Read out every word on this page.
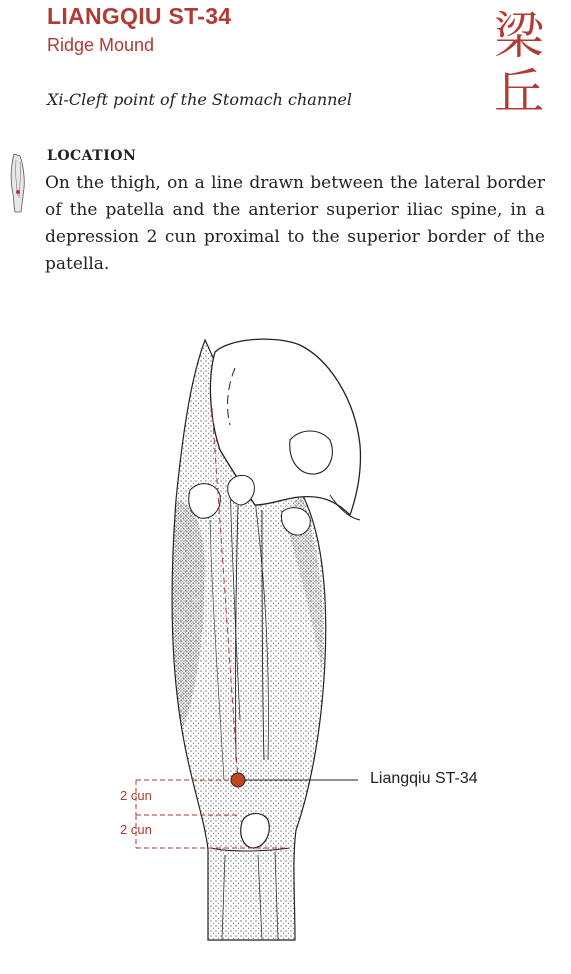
LIANGQIU ST-34
Ridge Mound	梁
丘
Xi-Cleft point of the Stomach channel
LOCATION

On the thigh, on a line drawn between the lateral border of the patella and the anterior superior iliac spine, in a depression 2 cun proximal to the superior border of the patella.

2 cun
2 cun
Liangqiu ST-34
